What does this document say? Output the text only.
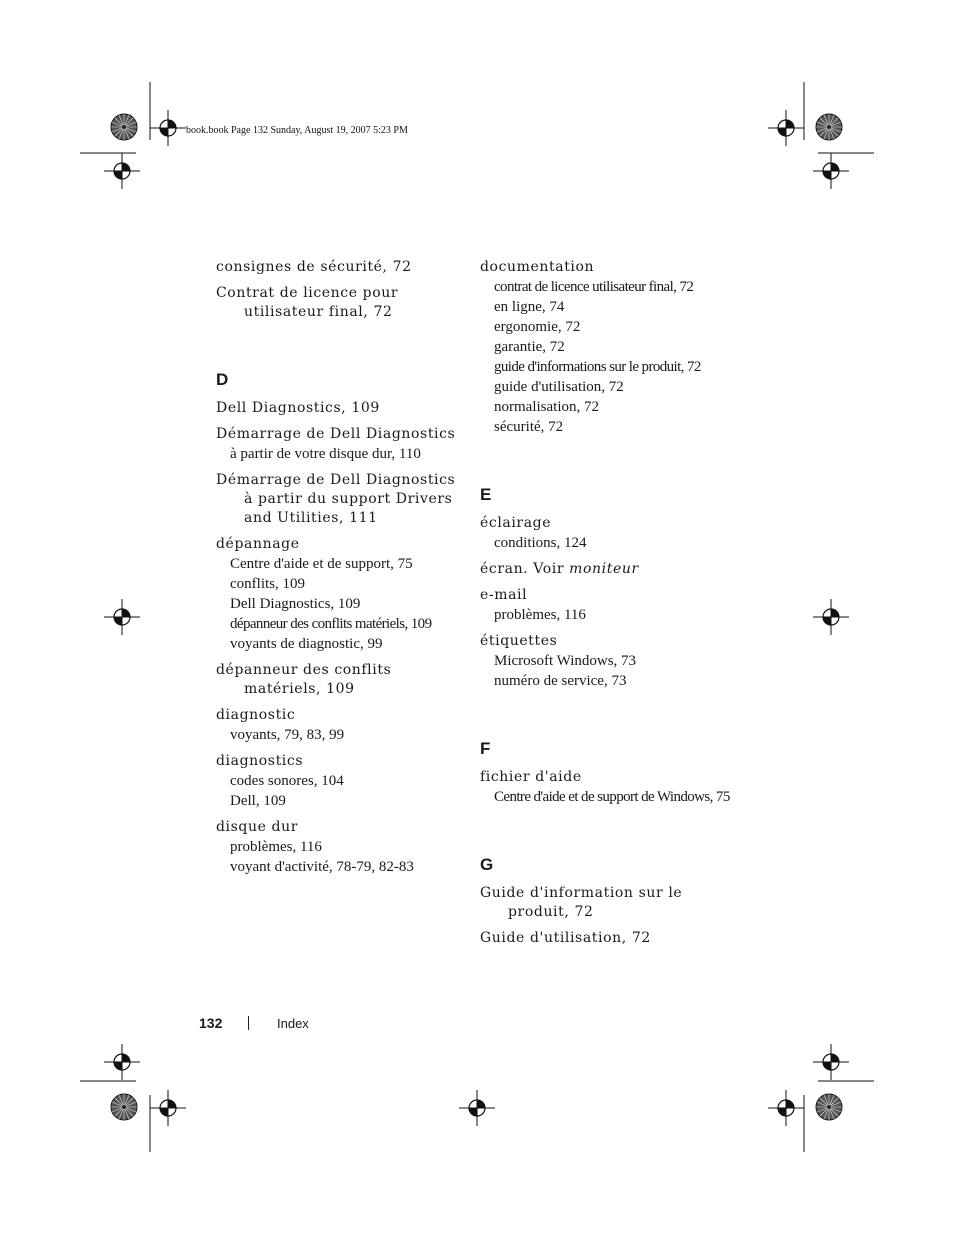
book.book Page 132 Sunday, August 19, 2007 5:23 PM
consignes de sécurité, 72
Contrat de licence pour utilisateur final, 72
D
Dell Diagnostics, 109
Démarrage de Dell Diagnostics
à partir de votre disque dur, 110
Démarrage de Dell Diagnostics à partir du support Drivers and Utilities, 111
dépannage
Centre d'aide et de support, 75
conflits, 109
Dell Diagnostics, 109
dépanneur des conflits matériels, 109
voyants de diagnostic, 99
dépanneur des conflits matériels, 109
diagnostic
voyants, 79, 83, 99
diagnostics
codes sonores, 104
Dell, 109
disque dur
problèmes, 116
voyant d'activité, 78-79, 82-83
documentation
contrat de licence utilisateur final, 72
en ligne, 74
ergonomie, 72
garantie, 72
guide d'informations sur le produit, 72
guide d'utilisation, 72
normalisation, 72
sécurité, 72
E
éclairage
conditions, 124
écran. Voir moniteur
e-mail
problèmes, 116
étiquettes
Microsoft Windows, 73
numéro de service, 73
F
fichier d'aide
Centre d'aide et de support de Windows, 75
G
Guide d'information sur le produit, 72
Guide d'utilisation, 72
132	Index
